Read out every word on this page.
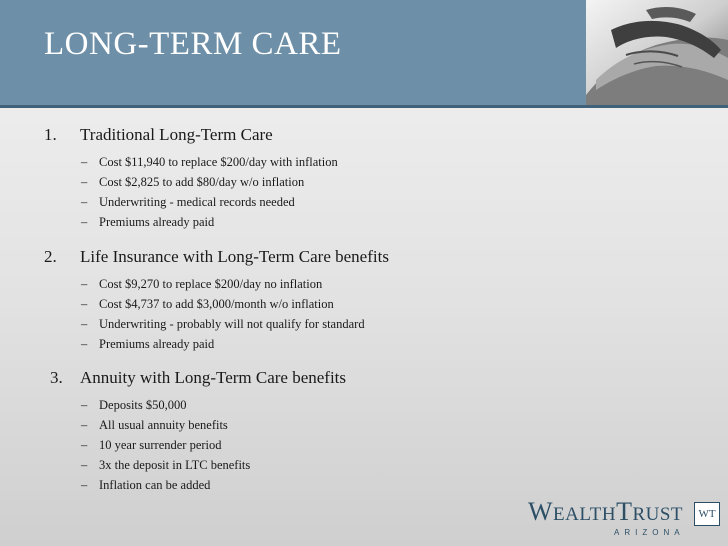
LONG-TERM CARE
1. Traditional Long-Term Care
– Cost $11,940 to replace $200/day with inflation
– Cost $2,825 to add $80/day w/o inflation
– Underwriting - medical records needed
– Premiums already paid
2. Life Insurance with Long-Term Care benefits
– Cost $9,270 to replace $200/day no inflation
– Cost $4,737 to add $3,000/month w/o inflation
– Underwriting - probably will not qualify for standard
– Premiums already paid
3. Annuity with Long-Term Care benefits
– Deposits $50,000
– All usual annuity benefits
– 10 year surrender period
– 3x the deposit in LTC benefits
– Inflation can be added
WEALTHTRUST
ARIZONA
WT
